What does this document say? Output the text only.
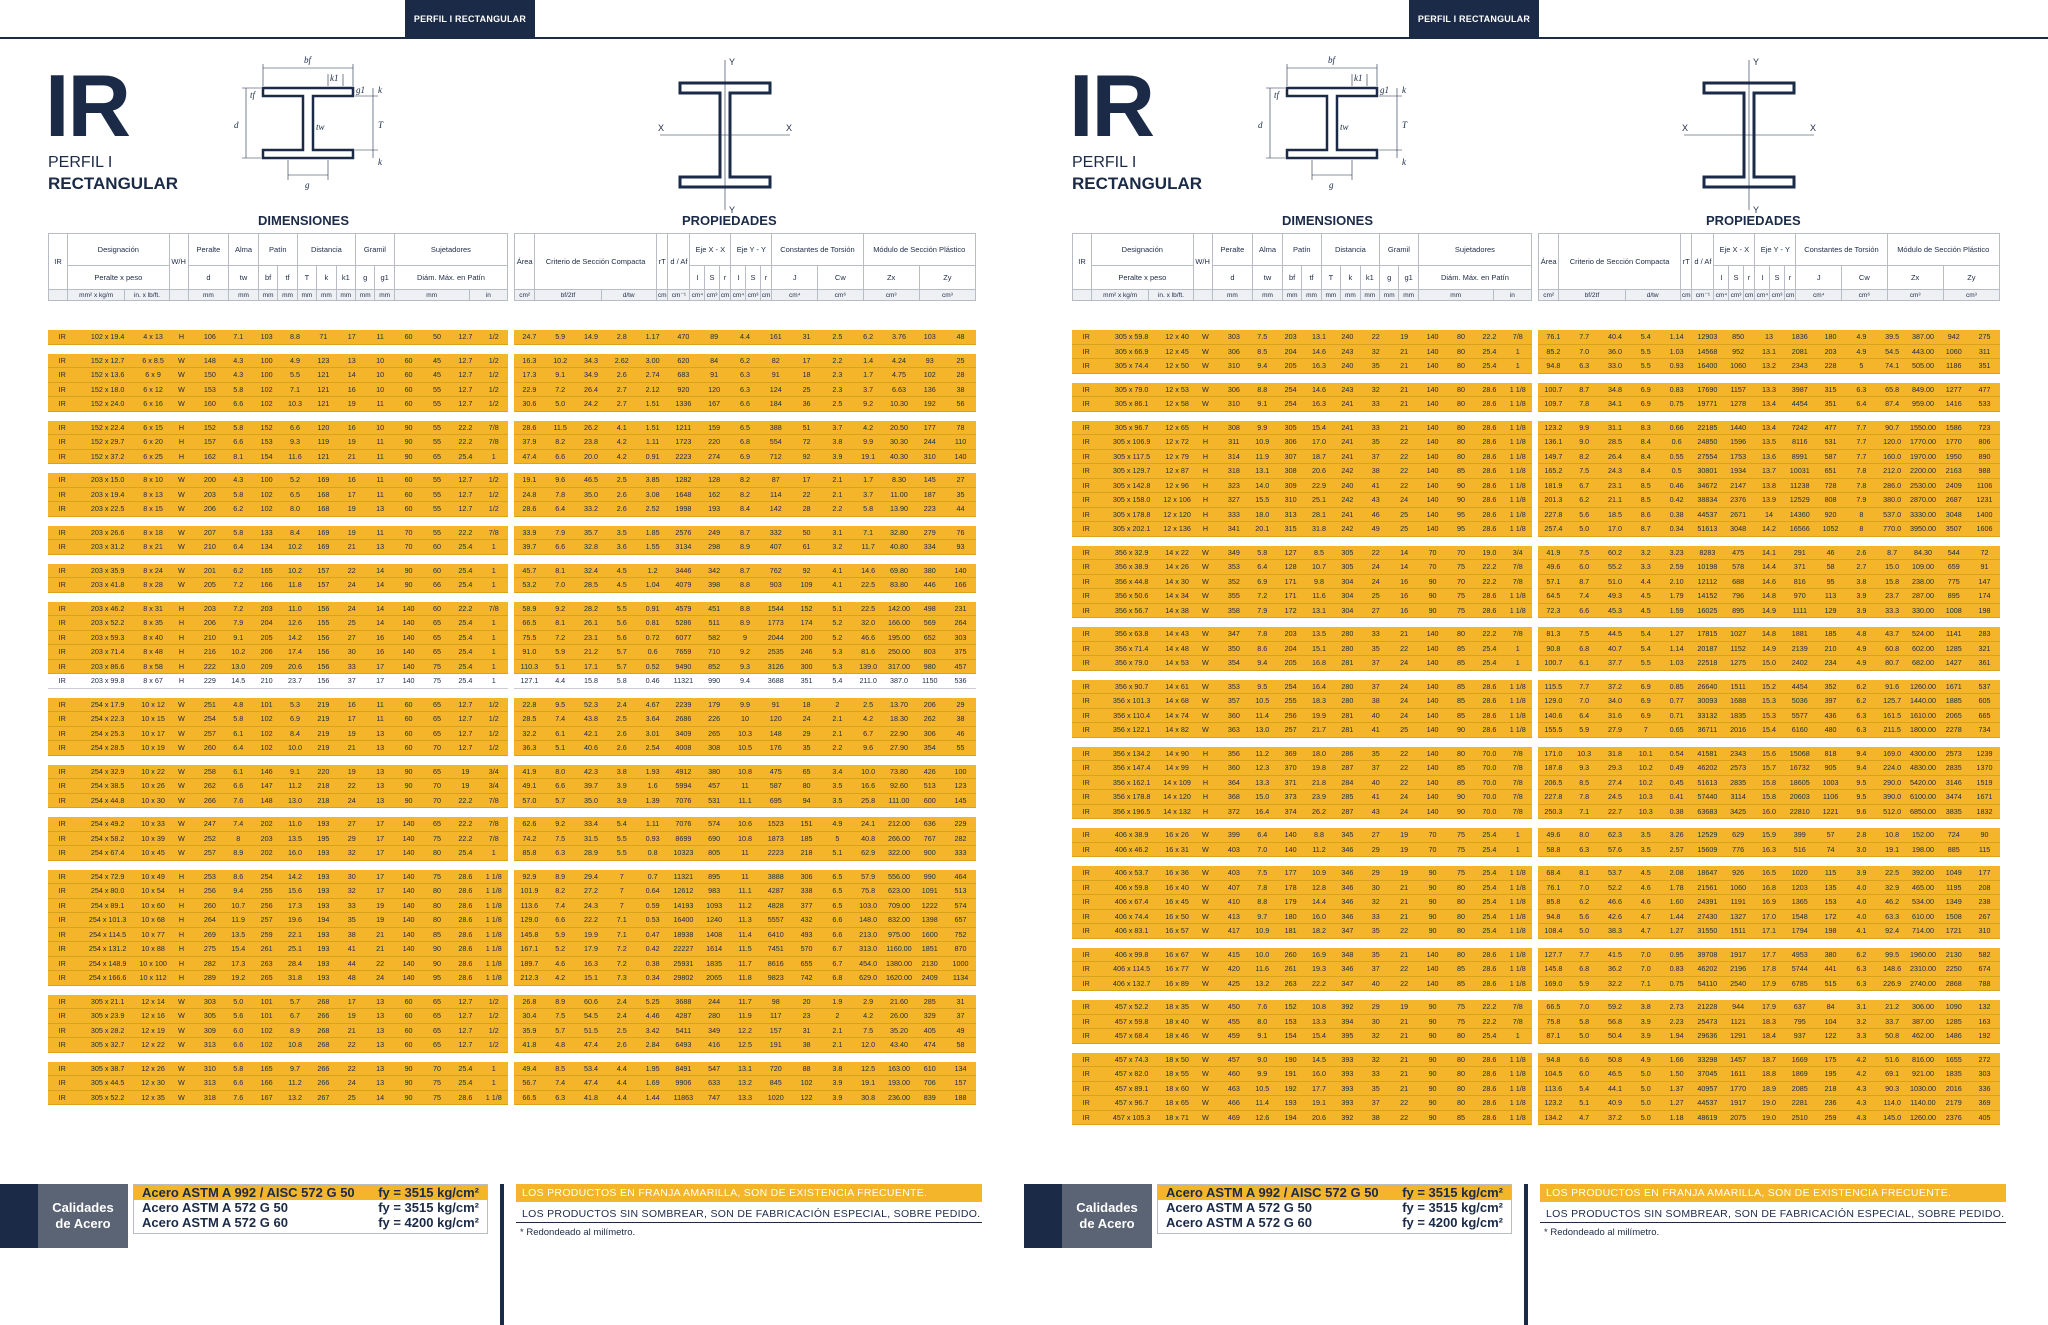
PERFIL I RECTANGULAR
IR
PERFIL I
RECTANGULAR
bf
k1
tf	g1 k
d	tw	T
k
g
Y
Y
X	X
DIMENSIONES	PROPIEDADES
IR	Designación		W/H	Peralte	Alma	Patín		Distancia			Gramil		Sujetadores	
	Peralte x peso			d	tw	bf	tf	T	k	k1	g	g1	Diám. Máx. en Patín	
	mm² x kg/m	in. x lb/ft.		mm	mm	mm	mm	mm	mm	mm	mm	mm	mm	in
Área	Criterio de Sección Compacta		rT	d / Af	Eje X - X			Eje Y - Y			Constantes de Torsión		Módulo de Sección Plástico	
					I	S	r	I	S	r	J	Cw	Zx	Zy
cm²	bf/2tf	d/tw	cm	cm⁻¹	cm⁴	cm³	cm	cm⁴	cm³	cm	cm⁴	cm⁶	cm³	cm³
IR	102 x 19.4	4 x 13	H	106	7.1	103	8.8	71	17	11	60	50	12.7	1/2
IR	152 x 12.7	6 x 8.5	W	148	4.3	100	4.9	123	13	10	60	45	12.7	1/2
IR	152 x 13.6	6 x 9	W	150	4.3	100	5.5	121	14	10	60	45	12.7	1/2
IR	152 x 18.0	6 x 12	W	153	5.8	102	7.1	121	16	10	60	55	12.7	1/2
IR	152 x 24.0	6 x 16	W	160	6.6	102	10.3	121	19	11	60	55	12.7	1/2
IR	152 x 22.4	6 x 15	H	152	5.8	152	6.6	120	16	10	90	55	22.2	7/8
IR	152 x 29.7	6 x 20	H	157	6.6	153	9.3	119	19	11	90	55	22.2	7/8
IR	152 x 37.2	6 x 25	H	162	8.1	154	11.6	121	21	11	90	65	25.4	1
IR	203 x 15.0	8 x 10	W	200	4.3	100	5.2	169	16	11	60	55	12.7	1/2
IR	203 x 19.4	8 x 13	W	203	5.8	102	6.5	168	17	11	60	55	12.7	1/2
IR	203 x 22.5	8 x 15	W	206	6.2	102	8.0	168	19	13	60	55	12.7	1/2
IR	203 x 26.6	8 x 18	W	207	5.8	133	8.4	169	19	11	70	55	22.2	7/8
IR	203 x 31.2	8 x 21	W	210	6.4	134	10.2	169	21	13	70	60	25.4	1
IR	203 x 35.9	8 x 24	W	201	6.2	165	10.2	157	22	14	90	60	25.4	1
IR	203 x 41.8	8 x 28	W	205	7.2	166	11.8	157	24	14	90	66	25.4	1
IR	203 x 46.2	8 x 31	H	203	7.2	203	11.0	156	24	14	140	60	22.2	7/8
IR	203 x 52.2	8 x 35	H	206	7.9	204	12.6	155	25	14	140	65	25.4	1
IR	203 x 59.3	8 x 40	H	210	9.1	205	14.2	156	27	16	140	65	25.4	1
IR	203 x 71.4	8 x 48	H	216	10.2	206	17.4	156	30	16	140	65	25.4	1
IR	203 x 86.6	8 x 58	H	222	13.0	209	20.6	156	33	17	140	75	25.4	1
IR	203 x 99.8	8 x 67	H	229	14.5	210	23.7	156	37	17	140	75	25.4	1
IR	254 x 17.9	10 x 12	W	251	4.8	101	5.3	219	16	11	60	65	12.7	1/2
IR	254 x 22.3	10 x 15	W	254	5.8	102	6.9	219	17	11	60	65	12.7	1/2
IR	254 x 25.3	10 x 17	W	257	6.1	102	8.4	219	19	13	60	65	12.7	1/2
IR	254 x 28.5	10 x 19	W	260	6.4	102	10.0	219	21	13	60	70	12.7	1/2
IR	254 x 32.9	10 x 22	W	258	6.1	146	9.1	220	19	13	90	65	19	3/4
IR	254 x 38.5	10 x 26	W	262	6.6	147	11.2	218	22	13	90	70	19	3/4
IR	254 x 44.8	10 x 30	W	266	7.6	148	13.0	218	24	13	90	70	22.2	7/8
IR	254 x 49.2	10 x 33	W	247	7.4	202	11.0	193	27	17	140	65	22.2	7/8
IR	254 x 58.2	10 x 39	W	252	8	203	13.5	195	29	17	140	75	22.2	7/8
IR	254 x 67.4	10 x 45	W	257	8.9	202	16.0	193	32	17	140	80	25.4	1
IR	254 x 72.9	10 x 49	H	253	8.6	254	14.2	193	30	17	140	75	28.6	1 1/8
IR	254 x 80.0	10 x 54	H	256	9.4	255	15.6	193	32	17	140	80	28.6	1 1/8
IR	254 x 89.1	10 x 60	H	260	10.7	256	17.3	193	33	19	140	80	28.6	1 1/8
IR	254 x 101.3	10 x 68	H	264	11.9	257	19.6	194	35	19	140	80	28.6	1 1/8
IR	254 x 114.5	10 x 77	H	269	13.5	259	22.1	193	38	21	140	85	28.6	1 1/8
IR	254 x 131.2	10 x 88	H	275	15.4	261	25.1	193	41	21	140	90	28.6	1 1/8
IR	254 x 148.9	10 x 100	H	282	17.3	263	28.4	193	44	22	140	90	28.6	1 1/8
IR	254 x 166.6	10 x 112	H	289	19.2	265	31.8	193	48	24	140	95	28.6	1 1/8
IR	305 x 21.1	12 x 14	W	303	5.0	101	5.7	268	17	13	60	65	12.7	1/2
IR	305 x 23.9	12 x 16	W	305	5.6	101	6.7	266	19	13	60	65	12.7	1/2
IR	305 x 28.2	12 x 19	W	309	6.0	102	8.9	268	21	13	60	65	12.7	1/2
IR	305 x 32.7	12 x 22	W	313	6.6	102	10.8	268	22	13	60	65	12.7	1/2
IR	305 x 38.7	12 x 26	W	310	5.8	165	9.7	266	22	13	90	70	25.4	1
IR	305 x 44.5	12 x 30	W	313	6.6	166	11.2	266	24	13	90	75	25.4	1
IR	305 x 52.2	12 x 35	W	318	7.6	167	13.2	267	25	14	90	75	28.6	1 1/8
24.7	5.9	14.9	2.8	1.17	470	89	4.4	161	31	2.5	6.2	3.76	103	48
16.3	10.2	34.3	2.62	3.00	620	84	6.2	82	17	2.2	1.4	4.24	93	25
17.3	9.1	34.9	2.6	2.74	683	91	6.3	91	18	2.3	1.7	4.75	102	28
22.9	7.2	26.4	2.7	2.12	920	120	6.3	124	25	2.3	3.7	6.63	136	38
30.6	5.0	24.2	2.7	1.51	1336	167	6.6	184	36	2.5	9.2	10.30	192	56
28.6	11.5	26.2	4.1	1.51	1211	159	6.5	388	51	3.7	4.2	20.50	177	78
37.9	8.2	23.8	4.2	1.11	1723	220	6.8	554	72	3.8	9.9	30.30	244	110
47.4	6.6	20.0	4.2	0.91	2223	274	6.9	712	92	3.9	19.1	40.30	310	140
19.1	9.6	46.5	2.5	3.85	1282	128	8.2	87	17	2.1	1.7	8.30	145	27
24.8	7.8	35.0	2.6	3.08	1648	162	8.2	114	22	2.1	3.7	11.00	187	35
28.6	6.4	33.2	2.6	2.52	1998	193	8.4	142	28	2.2	5.8	13.90	223	44
33.9	7.9	35.7	3.5	1.85	2576	249	8.7	332	50	3.1	7.1	32.80	279	76
39.7	6.6	32.8	3.6	1.55	3134	298	8.9	407	61	3.2	11.7	40.80	334	93
45.7	8.1	32.4	4.5	1.2	3446	342	8.7	762	92	4.1	14.6	69.80	380	140
53.2	7.0	28.5	4.5	1.04	4079	398	8.8	903	109	4.1	22.5	83.80	446	166
58.9	9.2	28.2	5.5	0.91	4579	451	8.8	1544	152	5.1	22.5	142.00	498	231
66.5	8.1	26.1	5.6	0.81	5286	511	8.9	1773	174	5.2	32.0	166.00	569	264
75.5	7.2	23.1	5.6	0.72	6077	582	9	2044	200	5.2	46.6	195.00	652	303
91.0	5.9	21.2	5.7	0.6	7659	710	9.2	2535	246	5.3	81.6	250.00	803	375
110.3	5.1	17.1	5.7	0.52	9490	852	9.3	3126	300	5.3	139.0	317.00	980	457
127.1	4.4	15.8	5.8	0.46	11321	990	9.4	3688	351	5.4	211.0	387.0	1150	536
22.8	9.5	52.3	2.4	4.67	2239	179	9.9	91	18	2	2.5	13.70	206	29
28.5	7.4	43.8	2.5	3.64	2686	226	10	120	24	2.1	4.2	18.30	262	38
32.2	6.1	42.1	2.6	3.01	3409	265	10.3	148	29	2.1	6.7	22.90	306	46
36.3	5.1	40.6	2.6	2.54	4008	308	10.5	176	35	2.2	9.6	27.90	354	55
41.9	8.0	42.3	3.8	1.93	4912	380	10.8	475	65	3.4	10.0	73.80	426	100
49.1	6.6	39.7	3.9	1.6	5994	457	11	587	80	3.5	16.6	92.60	513	123
57.0	5.7	35.0	3.9	1.39	7076	531	11.1	695	94	3.5	25.8	111.00	600	145
62.6	9.2	33.4	5.4	1.11	7076	574	10.6	1523	151	4.9	24.1	212.00	636	229
74.2	7.5	31.5	5.5	0.93	8699	690	10.8	1873	185	5	40.8	266.00	767	282
85.8	6.3	28.9	5.5	0.8	10323	805	11	2223	218	5.1	62.9	322.00	900	333
92.9	8.9	29.4	7	0.7	11321	895	11	3888	306	6.5	57.9	556.00	990	464
101.9	8.2	27.2	7	0.64	12612	983	11.1	4287	338	6.5	75.8	623.00	1091	513
113.6	7.4	24.3	7	0.59	14193	1093	11.2	4828	377	6.5	103.0	709.00	1222	574
129.0	6.6	22.2	7.1	0.53	16400	1240	11.3	5557	432	6.6	148.0	832.00	1398	657
145.8	5.9	19.9	7.1	0.47	18938	1408	11.4	6410	493	6.6	213.0	975.00	1600	752
167.1	5.2	17.9	7.2	0.42	22227	1614	11.5	7451	570	6.7	313.0	1160.00	1851	870
189.7	4.6	16.3	7.2	0.38	25931	1835	11.7	8616	655	6.7	454.0	1380.00	2130	1000
212.3	4.2	15.1	7.3	0.34	29802	2065	11.8	9823	742	6.8	629.0	1620.00	2409	1134
26.8	8.9	60.6	2.4	5.25	3688	244	11.7	98	20	1.9	2.9	21.60	285	31
30.4	7.5	54.5	2.4	4.46	4287	280	11.9	117	23	2	4.2	26.00	329	37
35.9	5.7	51.5	2.5	3.42	5411	349	12.2	157	31	2.1	7.5	35.20	405	49
41.8	4.8	47.4	2.6	2.84	6493	416	12.5	191	38	2.1	12.0	43.40	474	58
49.4	8.5	53.4	4.4	1.95	8491	547	13.1	720	88	3.8	12.5	163.00	610	134
56.7	7.4	47.4	4.4	1.69	9906	633	13.2	845	102	3.9	19.1	193.00	706	157
66.5	6.3	41.8	4.4	1.44	11863	747	13.3	1020	122	3.9	30.8	236.00	839	188
Calidades
de Acero
Acero ASTM A 992 / AISC 572 G 50 fy = 3515 kg/cm²
Acero ASTM A 572 G 50	fy = 3515 kg/cm²
Acero ASTM A 572 G 60	fy = 4200 kg/cm²
LOS PRODUCTOS EN FRANJA AMARILLA, SON DE EXISTENCIA FRECUENTE.
LOS PRODUCTOS SIN SOMBREAR, SON DE FABRICACIÓN ESPECIAL, SOBRE PEDIDO.
* Redondeado al milímetro.
PERFIL I RECTANGULAR
IR
PERFIL I
RECTANGULAR
bf
k1
tf	g1 k
d	tw	T
k
g
Y
Y
X	X
DIMENSIONES	PROPIEDADES
IR	Designación		W/H	Peralte	Alma	Patín		Distancia			Gramil		Sujetadores	
	Peralte x peso			d	tw	bf	tf	T	k	k1	g	g1	Diám. Máx. en Patín	
	mm² x kg/m	in. x lb/ft.		mm	mm	mm	mm	mm	mm	mm	mm	mm	mm	in
Área	Criterio de Sección Compacta		rT	d / Af	Eje X - X			Eje Y - Y			Constantes de Torsión		Módulo de Sección Plástico	
					I	S	r	I	S	r	J	Cw	Zx	Zy
cm²	bf/2tf	d/tw	cm	cm⁻¹	cm⁴	cm³	cm	cm⁴	cm³	cm	cm⁴	cm⁶	cm³	cm³
IR	305 x 59.8	12 x 40	W	303	7.5	203	13.1	240	22	19	140	80	22.2	7/8
IR	305 x 66.9	12 x 45	W	306	8.5	204	14.6	243	32	21	140	80	25.4	1
IR	305 x 74.4	12 x 50	W	310	9.4	205	16.3	240	35	21	140	80	25.4	1
IR	305 x 79.0	12 x 53	W	306	8.8	254	14.6	243	32	21	140	80	28.6	1 1/8
IR	305 x 86.1	12 x 58	W	310	9.1	254	16.3	241	33	21	140	80	28.6	1 1/8
IR	305 x 96.7	12 x 65	H	308	9.9	305	15.4	241	33	21	140	80	28.6	1 1/8
IR	305 x 106.9	12 x 72	H	311	10.9	306	17.0	241	35	22	140	80	28.6	1 1/8
IR	305 x 117.5	12 x 79	H	314	11.9	307	18.7	241	37	22	140	80	28.6	1 1/8
IR	305 x 129.7	12 x 87	H	318	13.1	308	20.6	242	38	22	140	85	28.6	1 1/8
IR	305 x 142.8	12 x 96	H	323	14.0	309	22.9	240	41	22	140	90	28.6	1 1/8
IR	305 x 158.0	12 x 106	H	327	15.5	310	25.1	242	43	24	140	90	28.6	1 1/8
IR	305 x 178.8	12 x 120	H	333	18.0	313	28.1	241	46	25	140	95	28.6	1 1/8
IR	305 x 202.1	12 x 136	H	341	20.1	315	31.8	242	49	25	140	95	28.6	1 1/8
IR	356 x 32.9	14 x 22	W	349	5.8	127	8.5	305	22	14	70	70	19.0	3/4
IR	356 x 38.9	14 x 26	W	353	6.4	128	10.7	305	24	14	70	75	22.2	7/8
IR	356 x 44.8	14 x 30	W	352	6.9	171	9.8	304	24	16	90	70	22.2	7/8
IR	356 x 50.6	14 x 34	W	355	7.2	171	11.6	304	25	16	90	75	28.6	1 1/8
IR	356 x 56.7	14 x 38	W	358	7.9	172	13.1	304	27	16	90	75	28.6	1 1/8
IR	356 x 63.8	14 x 43	W	347	7.8	203	13.5	280	33	21	140	80	22.2	7/8
IR	356 x 71.4	14 x 48	W	350	8.6	204	15.1	280	35	22	140	85	25.4	1
IR	356 x 79.0	14 x 53	W	354	9.4	205	16.8	281	37	24	140	85	25.4	1
IR	356 x 90.7	14 x 61	W	353	9.5	254	16.4	280	37	24	140	85	28.6	1 1/8
IR	356 x 101.3	14 x 68	W	357	10.5	255	18.3	280	38	24	140	85	28.6	1 1/8
IR	356 x 110.4	14 x 74	W	360	11.4	256	19.9	281	40	24	140	85	28.6	1 1/8
IR	356 x 122.1	14 x 82	W	363	13.0	257	21.7	281	41	25	140	90	28.6	1 1/8
IR	356 x 134.2	14 x 90	H	356	11.2	369	18.0	286	35	22	140	80	70.0	7/8
IR	356 x 147.4	14 x 99	H	360	12.3	370	19.8	287	37	22	140	85	70.0	7/8
IR	356 x 162.1	14 x 109	H	364	13.3	371	21.8	284	40	22	140	85	70.0	7/8
IR	356 x 178.8	14 x 120	H	368	15.0	373	23.9	285	41	24	140	90	70.0	7/8
IR	356 x 196.5	14 x 132	H	372	16.4	374	26.2	287	43	24	140	90	70.0	7/8
IR	406 x 38.9	16 x 26	W	399	6.4	140	8.8	345	27	19	70	75	25.4	1
IR	406 x 46.2	16 x 31	W	403	7.0	140	11.2	346	29	19	70	75	25.4	1
IR	406 x 53.7	16 x 36	W	403	7.5	177	10.9	346	29	19	90	75	25.4	1 1/8
IR	406 x 59.8	16 x 40	W	407	7.8	178	12.8	346	30	21	90	80	25.4	1 1/8
IR	406 x 67.4	16 x 45	W	410	8.8	179	14.4	346	32	21	90	80	25.4	1 1/8
IR	406 x 74.4	16 x 50	W	413	9.7	180	16.0	346	33	21	90	80	25.4	1 1/8
IR	406 x 83.1	16 x 57	W	417	10.9	181	18.2	347	35	22	90	80	25.4	1 1/8
IR	406 x 99.8	16 x 67	W	415	10.0	260	16.9	348	35	21	140	80	28.6	1 1/8
IR	406 x 114.5	16 x 77	W	420	11.6	261	19.3	346	37	22	140	85	28.6	1 1/8
IR	406 x 132.7	16 x 89	W	425	13.2	263	22.2	347	40	22	140	85	28.6	1 1/8
IR	457 x 52.2	18 x 35	W	450	7.6	152	10.8	392	29	19	90	75	22.2	7/8
IR	457 x 59.8	18 x 40	W	455	8.0	153	13.3	394	30	21	90	75	22.2	7/8
IR	457 x 68.4	18 x 46	W	459	9.1	154	15.4	395	32	21	90	80	25.4	1
IR	457 x 74.3	18 x 50	W	457	9.0	190	14.5	393	32	21	90	80	28.6	1 1/8
IR	457 x 82.0	18 x 55	W	460	9.9	191	16.0	393	33	21	90	80	28.6	1 1/8
IR	457 x 89.1	18 x 60	W	463	10.5	192	17.7	393	35	21	90	80	28.6	1 1/8
IR	457 x 96.7	18 x 65	W	466	11.4	193	19.1	393	37	22	90	80	28.6	1 1/8
IR	457 x 105.3	18 x 71	W	469	12.6	194	20.6	392	38	22	90	85	28.6	1 1/8
76.1	7.7	40.4	5.4	1.14	12903	850	13	1836	180	4.9	39.5	387.00	942	275
85.2	7.0	36.0	5.5	1.03	14568	952	13.1	2081	203	4.9	54.5	443.00	1060	311
94.8	6.3	33.0	5.5	0.93	16400	1060	13.2	2343	228	5	74.1	505.00	1186	351
100.7	8.7	34.8	6.9	0.83	17690	1157	13.3	3987	315	6.3	65.8	849.00	1277	477
109.7	7.8	34.1	6.9	0.75	19771	1278	13.4	4454	351	6.4	87.4	959.00	1416	533
123.2	9.9	31.1	8.3	0.66	22185	1440	13.4	7242	477	7.7	90.7	1550.00	1586	723
136.1	9.0	28.5	8.4	0.6	24850	1596	13.5	8116	531	7.7	120.0	1770.00	1770	806
149.7	8.2	26.4	8.4	0.55	27554	1753	13.6	8991	587	7.7	160.0	1970.00	1950	890
165.2	7.5	24.3	8.4	0.5	30801	1934	13.7	10031	651	7.8	212.0	2200.00	2163	988
181.9	6.7	23.1	8.5	0.46	34672	2147	13.8	11238	728	7.8	286.0	2530.00	2409	1106
201.3	6.2	21.1	8.5	0.42	38834	2376	13.9	12529	808	7.9	380.0	2870.00	2687	1231
227.8	5.6	18.5	8.6	0.38	44537	2671	14	14360	920	8	537.0	3330.00	3048	1400
257.4	5.0	17.0	8.7	0.34	51613	3048	14.2	16566	1052	8	770.0	3950.00	3507	1606
41.9	7.5	60.2	3.2	3.23	8283	475	14.1	291	46	2.6	8.7	84.30	544	72
49.6	6.0	55.2	3.3	2.59	10198	578	14.4	371	58	2.7	15.0	109.00	659	91
57.1	8.7	51.0	4.4	2.10	12112	688	14.6	816	95	3.8	15.8	238.00	775	147
64.5	7.4	49.3	4.5	1.79	14152	796	14.8	970	113	3.9	23.7	287.00	895	174
72.3	6.6	45.3	4.5	1.59	16025	895	14.9	1111	129	3.9	33.3	330.00	1008	198
81.3	7.5	44.5	5.4	1.27	17815	1027	14.8	1881	185	4.8	43.7	524.00	1141	283
90.8	6.8	40.7	5.4	1.14	20187	1152	14.9	2139	210	4.9	60.8	602.00	1285	321
100.7	6.1	37.7	5.5	1.03	22518	1275	15.0	2402	234	4.9	80.7	682.00	1427	361
115.5	7.7	37.2	6.9	0.85	26640	1511	15.2	4454	352	6.2	91.6	1260.00	1671	537
129.0	7.0	34.0	6.9	0.77	30093	1688	15.3	5036	397	6.2	125.7	1440.00	1885	605
140.6	6.4	31.6	6.9	0.71	33132	1835	15.3	5577	436	6.3	161.5	1610.00	2065	665
155.5	5.9	27.9	7	0.65	36711	2016	15.4	6160	480	6.3	211.5	1800.00	2278	734
171.0	10.3	31.8	10.1	0.54	41581	2343	15.6	15068	818	9.4	169.0	4300.00	2573	1239
187.8	9.3	29.3	10.2	0.49	46202	2573	15.7	16732	905	9.4	224.0	4830.00	2835	1370
206.5	8.5	27.4	10.2	0.45	51613	2835	15.8	18605	1003	9.5	290.0	5420.00	3146	1519
227.8	7.8	24.5	10.3	0.41	57440	3114	15.8	20603	1106	9.5	390.0	6100.00	3474	1671
250.3	7.1	22.7	10.3	0.38	63683	3425	16.0	22810	1221	9.6	512.0	6850.00	3835	1832
49.6	8.0	62.3	3.5	3.26	12529	629	15.9	399	57	2.8	10.8	152.00	724	90
58.8	6.3	57.6	3.5	2.57	15609	776	16.3	516	74	3.0	19.1	198.00	885	115
68.4	8.1	53.7	4.5	2.08	18647	926	16.5	1020	115	3.9	22.5	392.00	1049	177
76.1	7.0	52.2	4.6	1.78	21561	1060	16.8	1203	135	4.0	32.9	465.00	1195	208
85.8	6.2	46.6	4.6	1.60	24391	1191	16.9	1365	153	4.0	46.2	534.00	1349	238
94.8	5.6	42.6	4.7	1.44	27430	1327	17.0	1548	172	4.0	63.3	610.00	1508	267
108.4	5.0	38.3	4.7	1.27	31550	1511	17.1	1794	198	4.1	92.4	714.00	1721	310
127.7	7.7	41.5	7.0	0.95	39708	1917	17.7	4953	380	6.2	99.5	1960.00	2130	582
145.8	6.8	36.2	7.0	0.83	46202	2196	17.8	5744	441	6.3	148.6	2310.00	2250	674
169.0	5.9	32.2	7.1	0.75	54110	2540	17.9	6785	515	6.3	226.9	2740.00	2868	788
66.5	7.0	59.2	3.8	2.73	21228	944	17.9	637	84	3.1	21.2	306.00	1090	132
75.8	5.8	56.8	3.9	2.23	25473	1121	18.3	795	104	3.2	33.7	387.00	1285	163
87.1	5.0	50.4	3.9	1.94	29636	1291	18.4	937	122	3.3	50.8	462.00	1486	192
94.8	6.6	50.8	4.9	1.66	33298	1457	18.7	1669	175	4.2	51.6	816.00	1655	272
104.5	6.0	46.5	5.0	1.50	37045	1611	18.8	1869	195	4.2	69.1	921.00	1835	303
113.6	5.4	44.1	5.0	1.37	40957	1770	18.9	2085	218	4.3	90.3	1030.00	2016	336
123.2	5.1	40.9	5.0	1.27	44537	1917	19.0	2281	236	4.3	114.0	1140.00	2179	369
134.2	4.7	37.2	5.0	1.18	48619	2075	19.0	2510	259	4.3	145.0	1260.00	2376	405
Calidades
de Acero
Acero ASTM A 992 / AISC 572 G 50 fy = 3515 kg/cm²
Acero ASTM A 572 G 50	fy = 3515 kg/cm²
Acero ASTM A 572 G 60	fy = 4200 kg/cm²
LOS PRODUCTOS EN FRANJA AMARILLA, SON DE EXISTENCIA FRECUENTE.
LOS PRODUCTOS SIN SOMBREAR, SON DE FABRICACIÓN ESPECIAL, SOBRE PEDIDO.
* Redondeado al milímetro.
